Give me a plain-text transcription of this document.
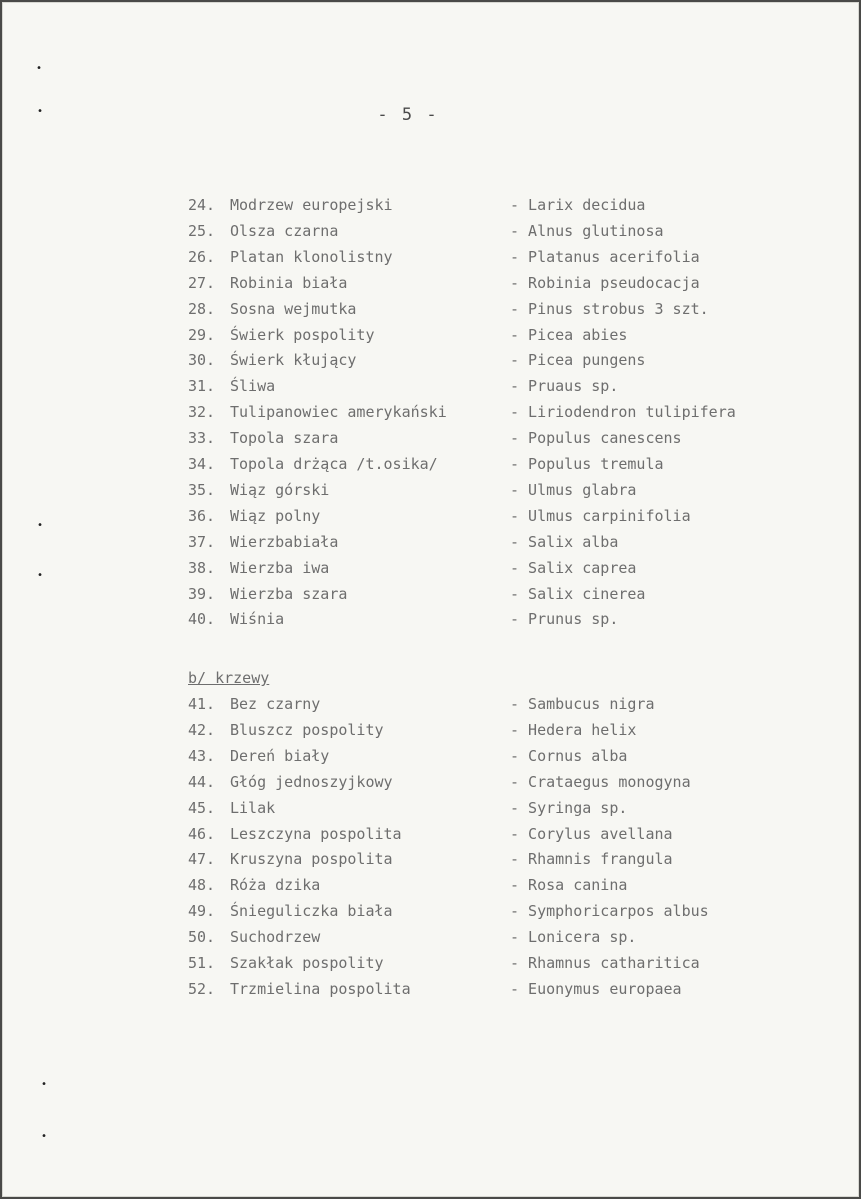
- 5 -
24. Modrzew europejski	- Larix decidua
25. Olsza czarna	- Alnus glutinosa
26. Platan klonolistny	- Platanus acerifolia
27. Robinia biała	- Robinia pseudocacja
28. Sosna wejmutka	- Pinus strobus 3 szt.
29. Świerk pospolity	- Picea abies
30. Świerk kłujący	- Picea pungens
31. Śliwa	- Pruaus sp.
32. Tulipanowiec amerykański	- Liriodendron tulipifera
33. Topola szara	- Populus canescens
34. Topola drżąca /t.osika/	- Populus tremula
35. Wiąz górski	- Ulmus glabra
36. Wiąz polny	- Ulmus carpinifolia
37. Wierzbabiała	- Salix alba
38. Wierzba iwa	- Salix caprea
39. Wierzba szara	- Salix cinerea
40. Wiśnia	- Prunus sp.
b/ krzewy
41. Bez czarny	- Sambucus nigra
42. Bluszcz pospolity	- Hedera helix
43. Dereń biały	- Cornus alba
44. Głóg jednoszyjkowy	- Crataegus monogyna
45. Lilak	- Syringa sp.
46. Leszczyna pospolita	- Corylus avellana
47. Kruszyna pospolita	- Rhamnis frangula
48. Róża dzika	- Rosa canina
49. Śnieguliczka biała	- Symphoricarpos albus
50. Suchodrzew	- Lonicera sp.
51. Szakłak pospolity	- Rhamnus catharitica
52. Trzmielina pospolita	- Euonymus europaea
•
•
•
•
•
•
